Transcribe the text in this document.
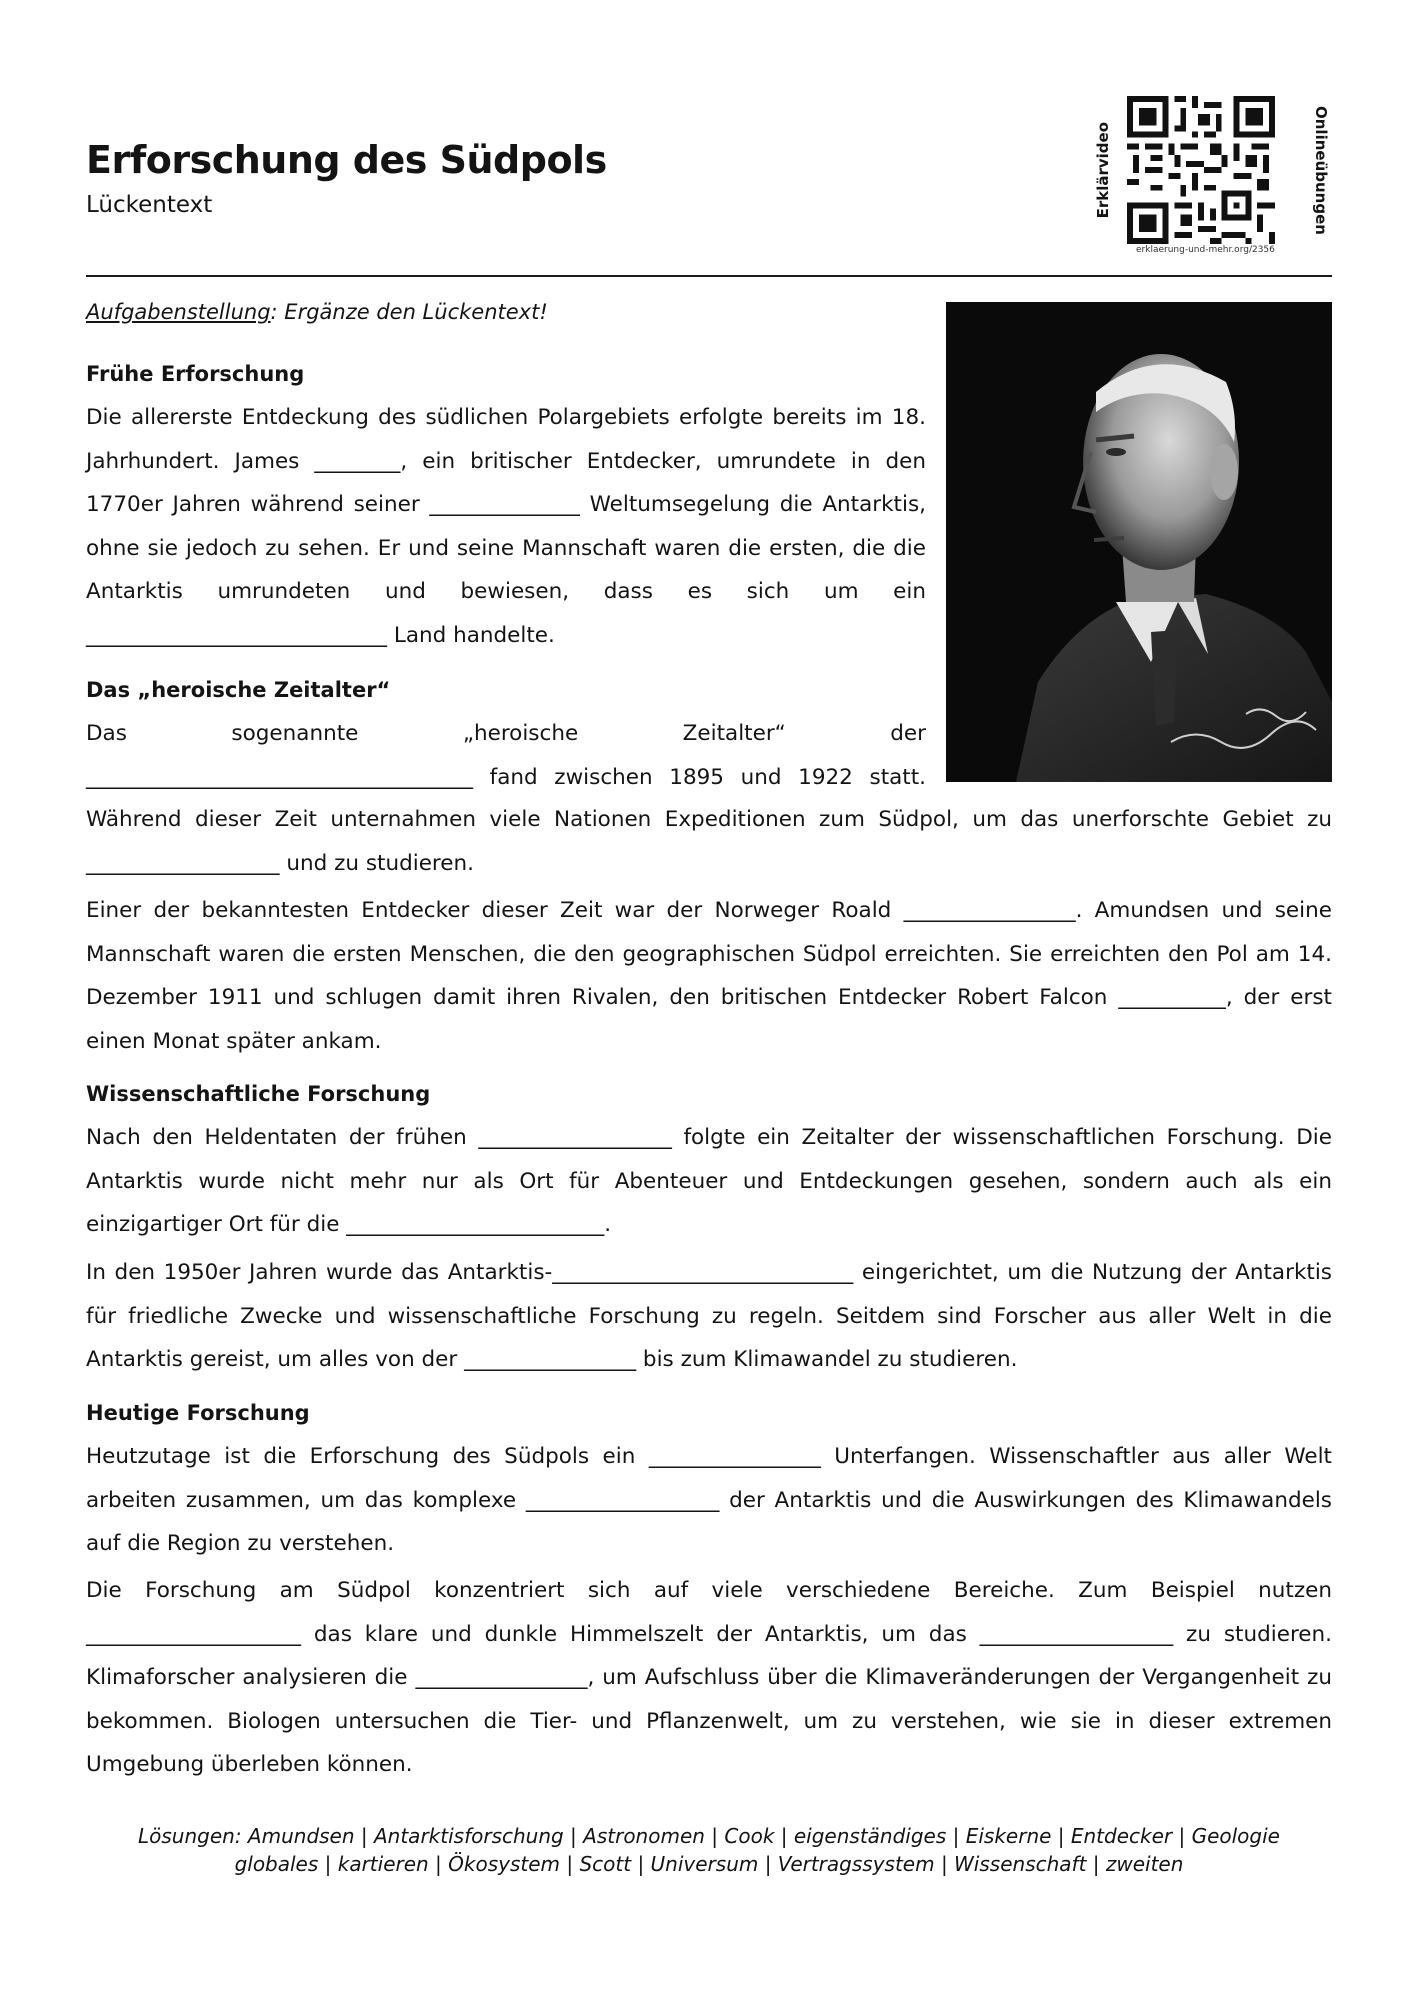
Erforschung des Südpols
Lückentext	Erklärvideo
erklaerung-und-mehr.org/2356
Onlineübungen
Aufgabenstellung: Ergänze den Lückentext!
Frühe Erforschung

Die allererste Entdeckung des südlichen Polargebiets erfolgte bereits im 18. Jahrhundert. James ________, ein britischer Entdecker, umrundete in den 1770er Jahren während seiner ______________ Weltumsegelung die Antarktis, ohne sie jedoch zu sehen. Er und seine Mannschaft waren die ersten, die die Antarktis umrundeten und bewiesen, dass es sich um ein ____________________________ Land handelte.

Das „heroische Zeitalter“

Das sogenannte „heroische Zeitalter“ der ____________________________________ fand zwischen 1895 und 1922 statt.

Während dieser Zeit unternahmen viele Nationen Expeditionen zum Südpol, um das unerforschte Gebiet zu __________________ und zu studieren.

Einer der bekanntesten Entdecker dieser Zeit war der Norweger Roald ________________. Amundsen und seine Mannschaft waren die ersten Menschen, die den geographischen Südpol erreichten. Sie erreichten den Pol am 14. Dezember 1911 und schlugen damit ihren Rivalen, den britischen Entdecker Robert Falcon __________, der erst einen Monat später ankam.

Wissenschaftliche Forschung

Nach den Heldentaten der frühen __________________ folgte ein Zeitalter der wissenschaftlichen Forschung. Die Antarktis wurde nicht mehr nur als Ort für Abenteuer und Entdeckungen gesehen, sondern auch als ein einzigartiger Ort für die ________________________.

In den 1950er Jahren wurde das Antarktis-____________________________ eingerichtet, um die Nutzung der Antarktis für friedliche Zwecke und wissenschaftliche Forschung zu regeln. Seitdem sind Forscher aus aller Welt in die Antarktis gereist, um alles von der ________________ bis zum Klimawandel zu studieren.

Heutige Forschung

Heutzutage ist die Erforschung des Südpols ein ________________ Unterfangen. Wissenschaftler aus aller Welt arbeiten zusammen, um das komplexe __________________ der Antarktis und die Auswirkungen des Klimawandels auf die Region zu verstehen.

Die Forschung am Südpol konzentriert sich auf viele verschiedene Bereiche. Zum Beispiel nutzen ____________________ das klare und dunkle Himmelszelt der Antarktis, um das __________________ zu studieren. Klimaforscher analysieren die ________________, um Aufschluss über die Klimaveränderungen der Vergangenheit zu bekommen. Biologen untersuchen die Tier- und Pflanzenwelt, um zu verstehen, wie sie in dieser extremen Umgebung überleben können.

Lösungen: Amundsen | Antarktisforschung | Astronomen | Cook | eigenständiges | Eiskerne | Entdecker | Geologie
globales | kartieren | Ökosystem | Scott | Universum | Vertragssystem | Wissenschaft | zweiten
